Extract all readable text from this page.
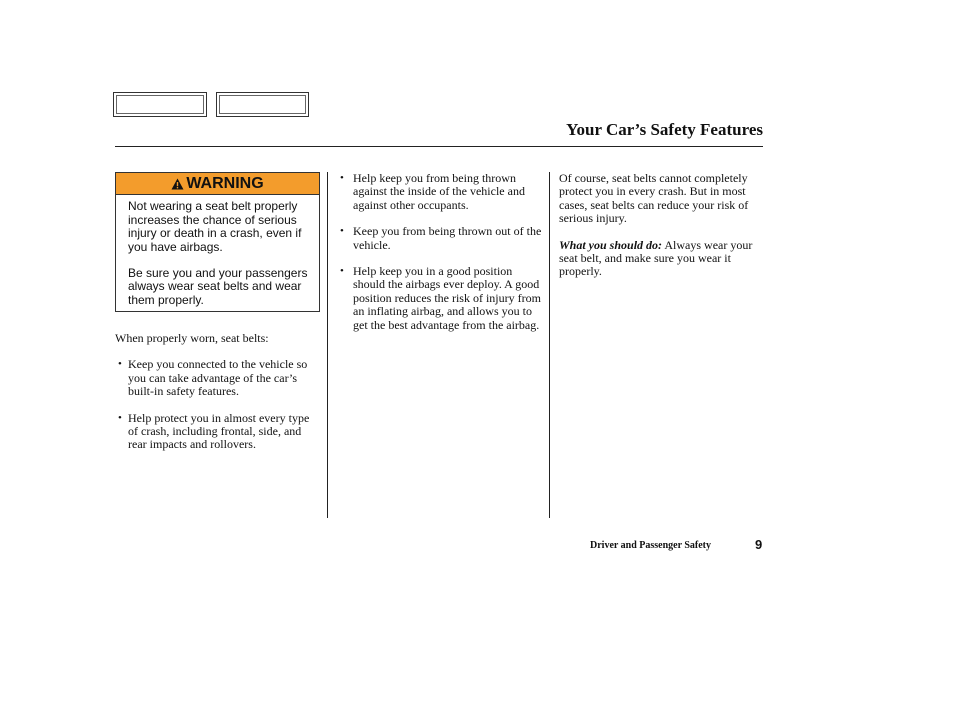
Your Car’s Safety Features
WARNING

Not wearing a seat belt properly increases the chance of serious injury or death in a crash, even if you have airbags.

Be sure you and your passengers always wear seat belts and wear them properly.

When properly worn, seat belts:

• Keep you connected to the vehicle so you can take advantage of the car’s built-in safety features.
• Help protect you in almost every type of crash, including frontal, side, and rear impacts and rollovers.
• Help keep you from being thrown against the inside of the vehicle and against other occupants.
• Keep you from being thrown out of the vehicle.
• Help keep you in a good position should the airbags ever deploy. A good position reduces the risk of injury from an inflating airbag, and allows you to get the best advantage from the airbag.

Of course, seat belts cannot completely protect you in every crash. But in most cases, seat belts can reduce your risk of serious injury.

What you should do: Always wear your seat belt, and make sure you wear it properly.

Driver and Passenger Safety	9
